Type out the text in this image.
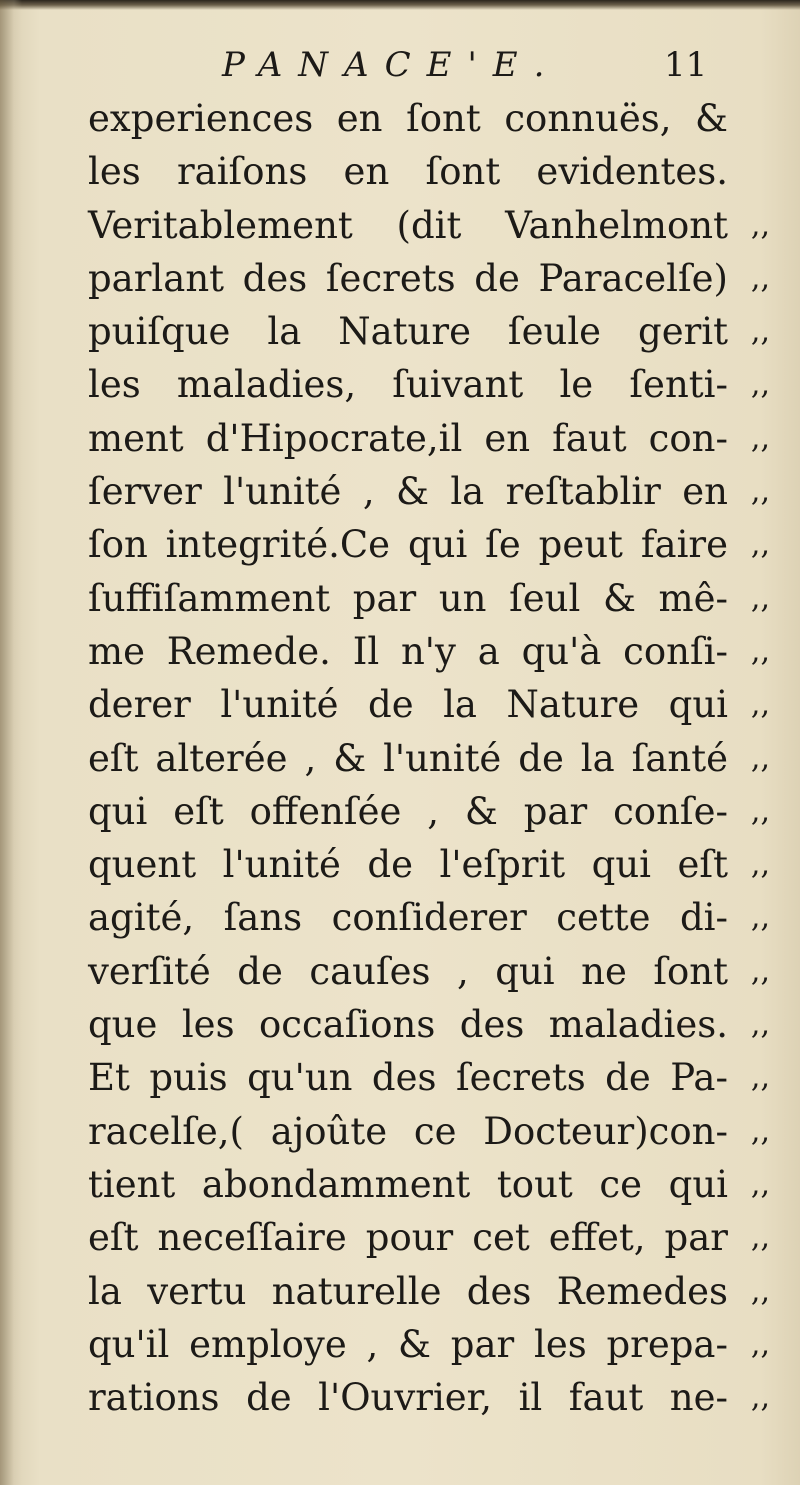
PANACE'E.	11
experiences en ſont connuës, &
les raiſons en ſont evidentes.
Veritablement (dit Vanhelmont ,,
parlant des ſecrets de Paracelſe) ,,
puiſque la Nature ſeule gerit ,,
les maladies, ſuivant le ſenti- ,,
ment d'Hipocrate,il en faut con- ,,
ſerver l'unité , & la reſtablir en ,,
ſon integrité.Ce qui ſe peut faire ,,
ſuffiſamment par un ſeul & mê- ,,
me Remede. Il n'y a qu'à conſi- ,,
derer l'unité de la Nature qui ,,
eſt alterée , & l'unité de la ſanté ,,
qui eſt offenſée , & par conſe- ,,
quent l'unité de l'eſprit qui eſt ,,
agité, ſans conſiderer cette di- ,,
verſité de cauſes , qui ne ſont ,,
que les occaſions des maladies. ,,
Et puis qu'un des ſecrets de Pa- ,,
racelſe,( ajoûte ce Docteur)con- ,,
tient abondamment tout ce qui ,,
eſt neceſſaire pour cet effet, par ,,
la vertu naturelle des Remedes ,,
qu'il employe , & par les prepa- ,,
rations de l'Ouvrier, il faut ne- ,,
